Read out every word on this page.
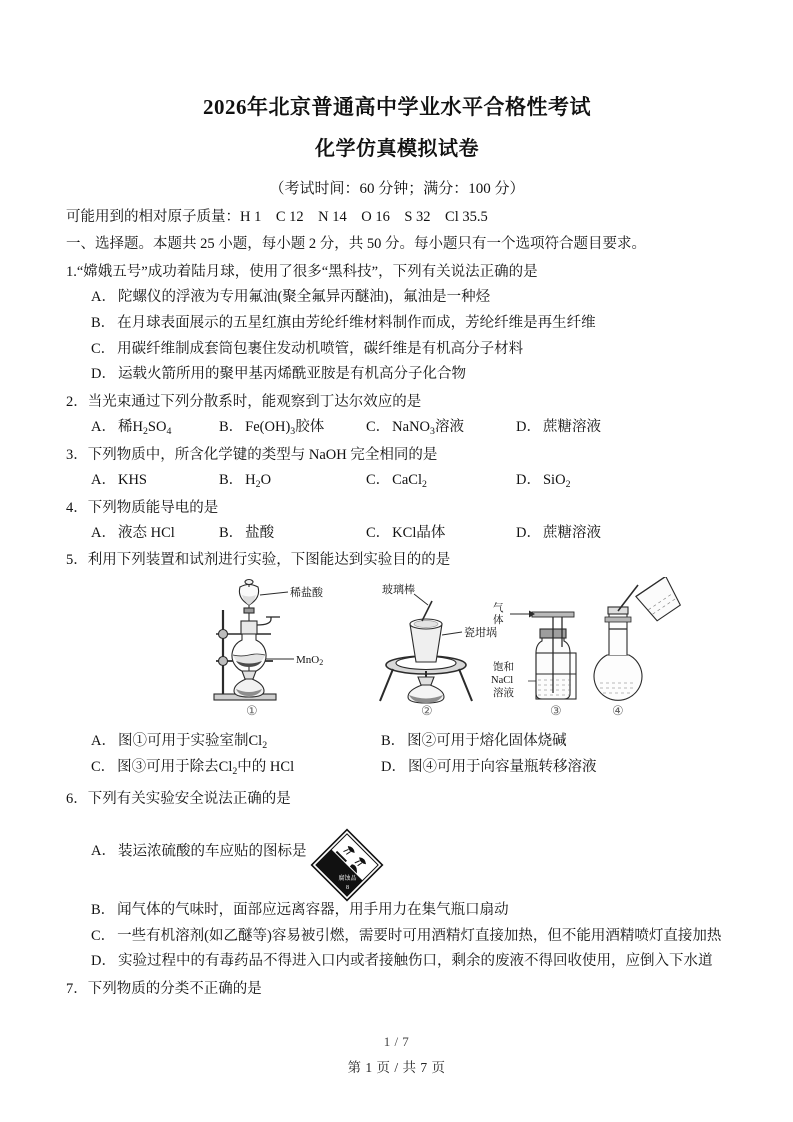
2026年北京普通高中学业水平合格性考试
化学仿真模拟试卷

（考试时间：60 分钟；满分：100 分）

可能用到的相对原子质量：H 1　C 12　N 14　O 16　S 32　Cl 35.5

一、选择题。本题共 25 小题，每小题 2 分，共 50 分。每小题只有一个选项符合题目要求。

1.“嫦娥五号”成功着陆月球，使用了很多“黑科技”，下列有关说法正确的是

A． 陀螺仪的浮液为专用氟油(聚全氟异丙醚油)，氟油是一种烃

B． 在月球表面展示的五星红旗由芳纶纤维材料制作而成，芳纶纤维是再生纤维

C． 用碳纤维制成套筒包裹住发动机喷管，碳纤维是有机高分子材料

D． 运载火箭所用的聚甲基丙烯酰亚胺是有机高分子化合物

2．当光束通过下列分散系时，能观察到丁达尔效应的是

A． 稀$H_2SO_4$	B． $Fe(OH)_3$胶体	C． NaNO$_3$溶液	D． 蔗糖溶液

3．下列物质中，所含化学键的类型与 NaOH 完全相同的是

A． KHS	B． $H_2O$	C． CaCl$_2$	D． SiO$_2$

4．下列物质能导电的是

A． 液态 HCl	B． 盐酸	C． KCl晶体	D． 蔗糖溶液

5．利用下列装置和试剂进行实验，下图能达到实验目的的是

稀盐酸
MnO2
玻璃棒
瓷坩埚
气
体
饱和
NaCl
溶液
①	②	③	④
A． 图①可用于实验室制$Cl_2$	B． 图②可用于熔化固体烧碱
C． 图③可用于除去$Cl_2$中的 HCl	D． 图④可用于向容量瓶转移溶液

6．下列有关实验安全说法正确的是

A． 装运浓硫酸的车应贴的图标是
腐蚀品
8

B． 闻气体的气味时，面部应远离容器，用手用力在集气瓶口扇动

C． 一些有机溶剂(如乙醚等)容易被引燃，需要时可用酒精灯直接加热，但不能用酒精喷灯直接加热

D． 实验过程中的有毒药品不得进入口内或者接触伤口，剩余的废液不得回收使用，应倒入下水道

7．下列物质的分类不正确的是

1 / 7

第 1 页 / 共 7 页
